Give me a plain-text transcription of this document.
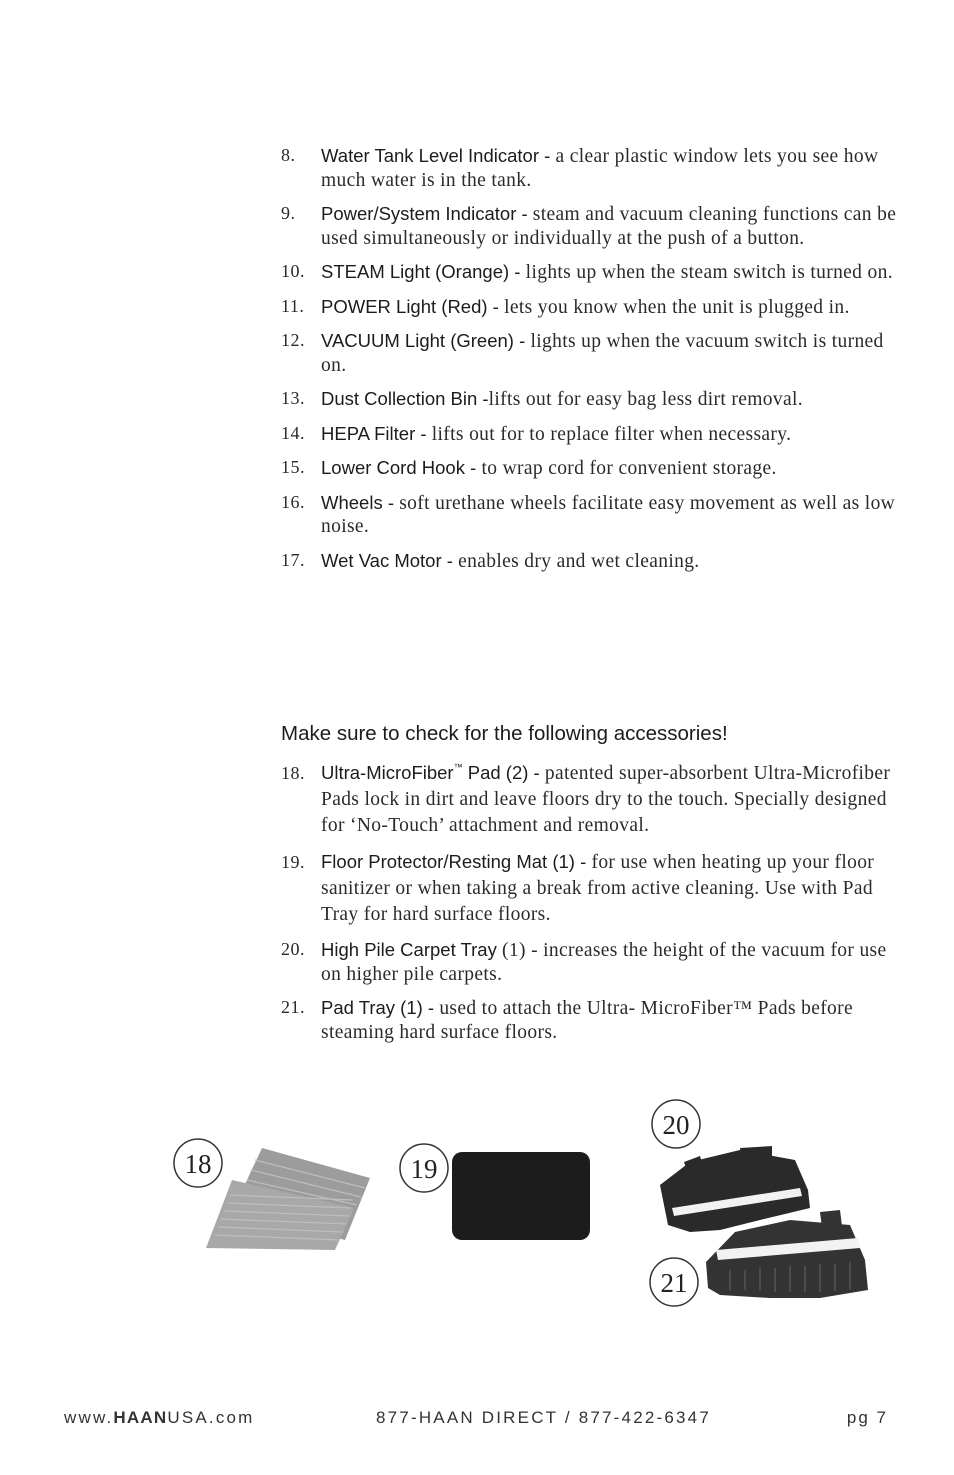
8. Water Tank Level Indicator - a clear plastic window lets you see how much water is in the tank.
9. Power/System Indicator - steam and vacuum cleaning functions can be used simultaneously or individually at the push of a button.
10. STEAM Light (Orange) - lights up when the steam switch is turned on.
11. POWER Light (Red) - lets you know when the unit is plugged in.
12. VACUUM Light (Green) - lights up when the vacuum switch is turned on.
13. Dust Collection Bin -lifts out for easy bag less dirt removal.
14. HEPA Filter - lifts out for to replace filter when necessary.
15. Lower Cord Hook - to wrap cord for convenient storage.
16. Wheels - soft urethane wheels facilitate easy movement as well as low noise.
17. Wet Vac Motor - enables dry and wet cleaning.
Make sure to check for the following accessories!
18. Ultra-MicroFiber™ Pad (2) - patented super-absorbent Ultra-Microfiber Pads lock in dirt and leave floors dry to the touch. Specially designed for ‘No-Touch’ attachment and removal.
19. Floor Protector/Resting Mat (1) - for use when heating up your floor sanitizer or when taking a break from active cleaning. Use with Pad Tray for hard surface floors.
20. High Pile Carpet Tray (1) - increases the height of the vacuum for use on higher pile carpets.
21. Pad Tray (1) - used to attach the Ultra- MicroFiber™ Pads before steaming hard surface floors.
18	19
20
21
www.HAANUSA.com	877-HAAN DIRECT / 877-422-6347	pg 7
